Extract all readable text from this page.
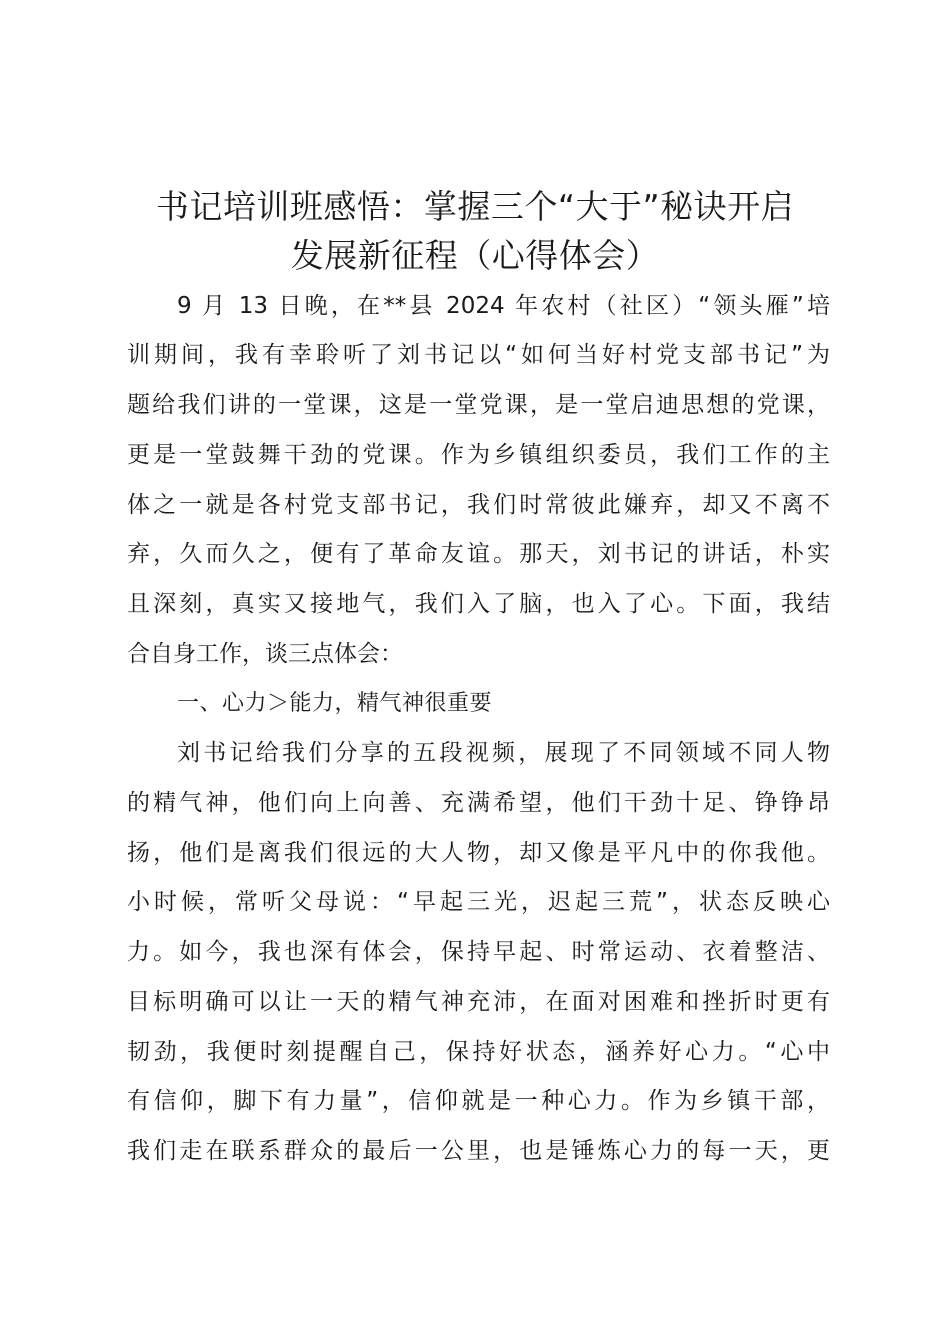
书记培训班感悟：掌握三个“大于”秘诀开启
发展新征程（心得体会）

9 月 13 日晚，在**县 2024 年农村（社区）“领头雁”培

训期间，我有幸聆听了刘书记以“如何当好村党支部书记”为

题给我们讲的一堂课，这是一堂党课，是一堂启迪思想的党课，

更是一堂鼓舞干劲的党课。作为乡镇组织委员，我们工作的主

体之一就是各村党支部书记，我们时常彼此嫌弃，却又不离不

弃，久而久之，便有了革命友谊。那天，刘书记的讲话，朴实

且深刻，真实又接地气，我们入了脑，也入了心。下面，我结

合自身工作，谈三点体会：

一、心力＞能力，精气神很重要

刘书记给我们分享的五段视频，展现了不同领域不同人物

的精气神，他们向上向善、充满希望，他们干劲十足、铮铮昂

扬，他们是离我们很远的大人物，却又像是平凡中的你我他。

小时候，常听父母说：“早起三光，迟起三荒”，状态反映心

力。如今，我也深有体会，保持早起、时常运动、衣着整洁、

目标明确可以让一天的精气神充沛，在面对困难和挫折时更有

韧劲，我便时刻提醒自己，保持好状态，涵养好心力。“心中

有信仰，脚下有力量”，信仰就是一种心力。作为乡镇干部，

我们走在联系群众的最后一公里，也是锤炼心力的每一天，更
